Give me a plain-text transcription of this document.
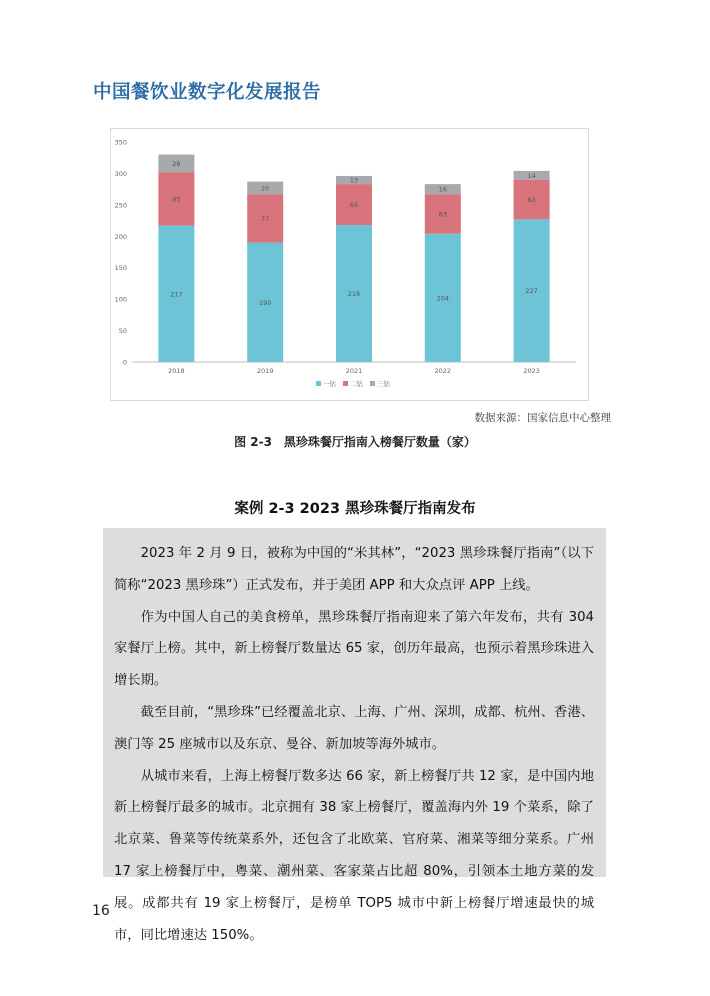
中国餐饮业数字化发展报告
0
50
100
150
200
250
300
350
217
85
28
2018
190
77
20
2019
218
65
13
2021
204
63
16
2022
227
63
14
2023
一钻 二钻 三钻
数据来源：国家信息中心整理
图 2-3　黑珍珠餐厅指南入榜餐厅数量（家）
案例 2-3 2023 黑珍珠餐厅指南发布

2023 年 2 月 9 日，被称为中国的“米其林”，“2023 黑珍珠餐厅指南”（以下简称“2023 黑珍珠”）正式发布，并于美团 APP 和大众点评 APP 上线。

作为中国人自己的美食榜单，黑珍珠餐厅指南迎来了第六年发布，共有 304 家餐厅上榜。其中，新上榜餐厅数量达 65 家，创历年最高，也预示着黑珍珠进入增长期。

截至目前，“黑珍珠”已经覆盖北京、上海、广州、深圳，成都、杭州、香港、澳门等 25 座城市以及东京、曼谷、新加坡等海外城市。

从城市来看，上海上榜餐厅数多达 66 家，新上榜餐厅共 12 家，是中国内地新上榜餐厅最多的城市。北京拥有 38 家上榜餐厅，覆盖海内外 19 个菜系，除了北京菜、鲁菜等传统菜系外，还包含了北欧菜、官府菜、湘菜等细分菜系。广州 17 家上榜餐厅中，粤菜、潮州菜、客家菜占比超 80%，引领本土地方菜的发展。成都共有 19 家上榜餐厅，是榜单 TOP5 城市中新上榜餐厅增速最快的城市，同比增速达 150%。

16
